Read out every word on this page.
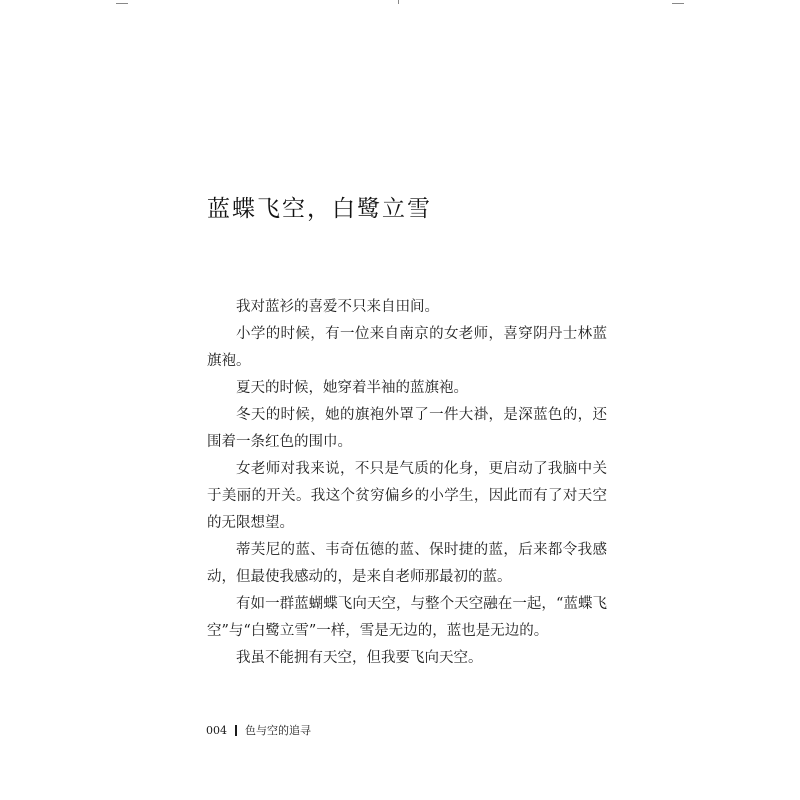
蓝蝶飞空，白鹭立雪

我对蓝衫的喜爱不只来自田间。

小学的时候，有一位来自南京的女老师，喜穿阴丹士林蓝旗袍。

夏天的时候，她穿着半袖的蓝旗袍。

冬天的时候，她的旗袍外罩了一件大褂，是深蓝色的，还围着一条红色的围巾。

女老师对我来说，不只是气质的化身，更启动了我脑中关于美丽的开关。我这个贫穷偏乡的小学生，因此而有了对天空的无限想望。

蒂芙尼的蓝、韦奇伍德的蓝、保时捷的蓝，后来都令我感动，但最使我感动的，是来自老师那最初的蓝。

有如一群蓝蝴蝶飞向天空，与整个天空融在一起，“蓝蝶飞空”与“白鹭立雪”一样，雪是无边的，蓝也是无边的。

我虽不能拥有天空，但我要飞向天空。

004 色与空的追寻
